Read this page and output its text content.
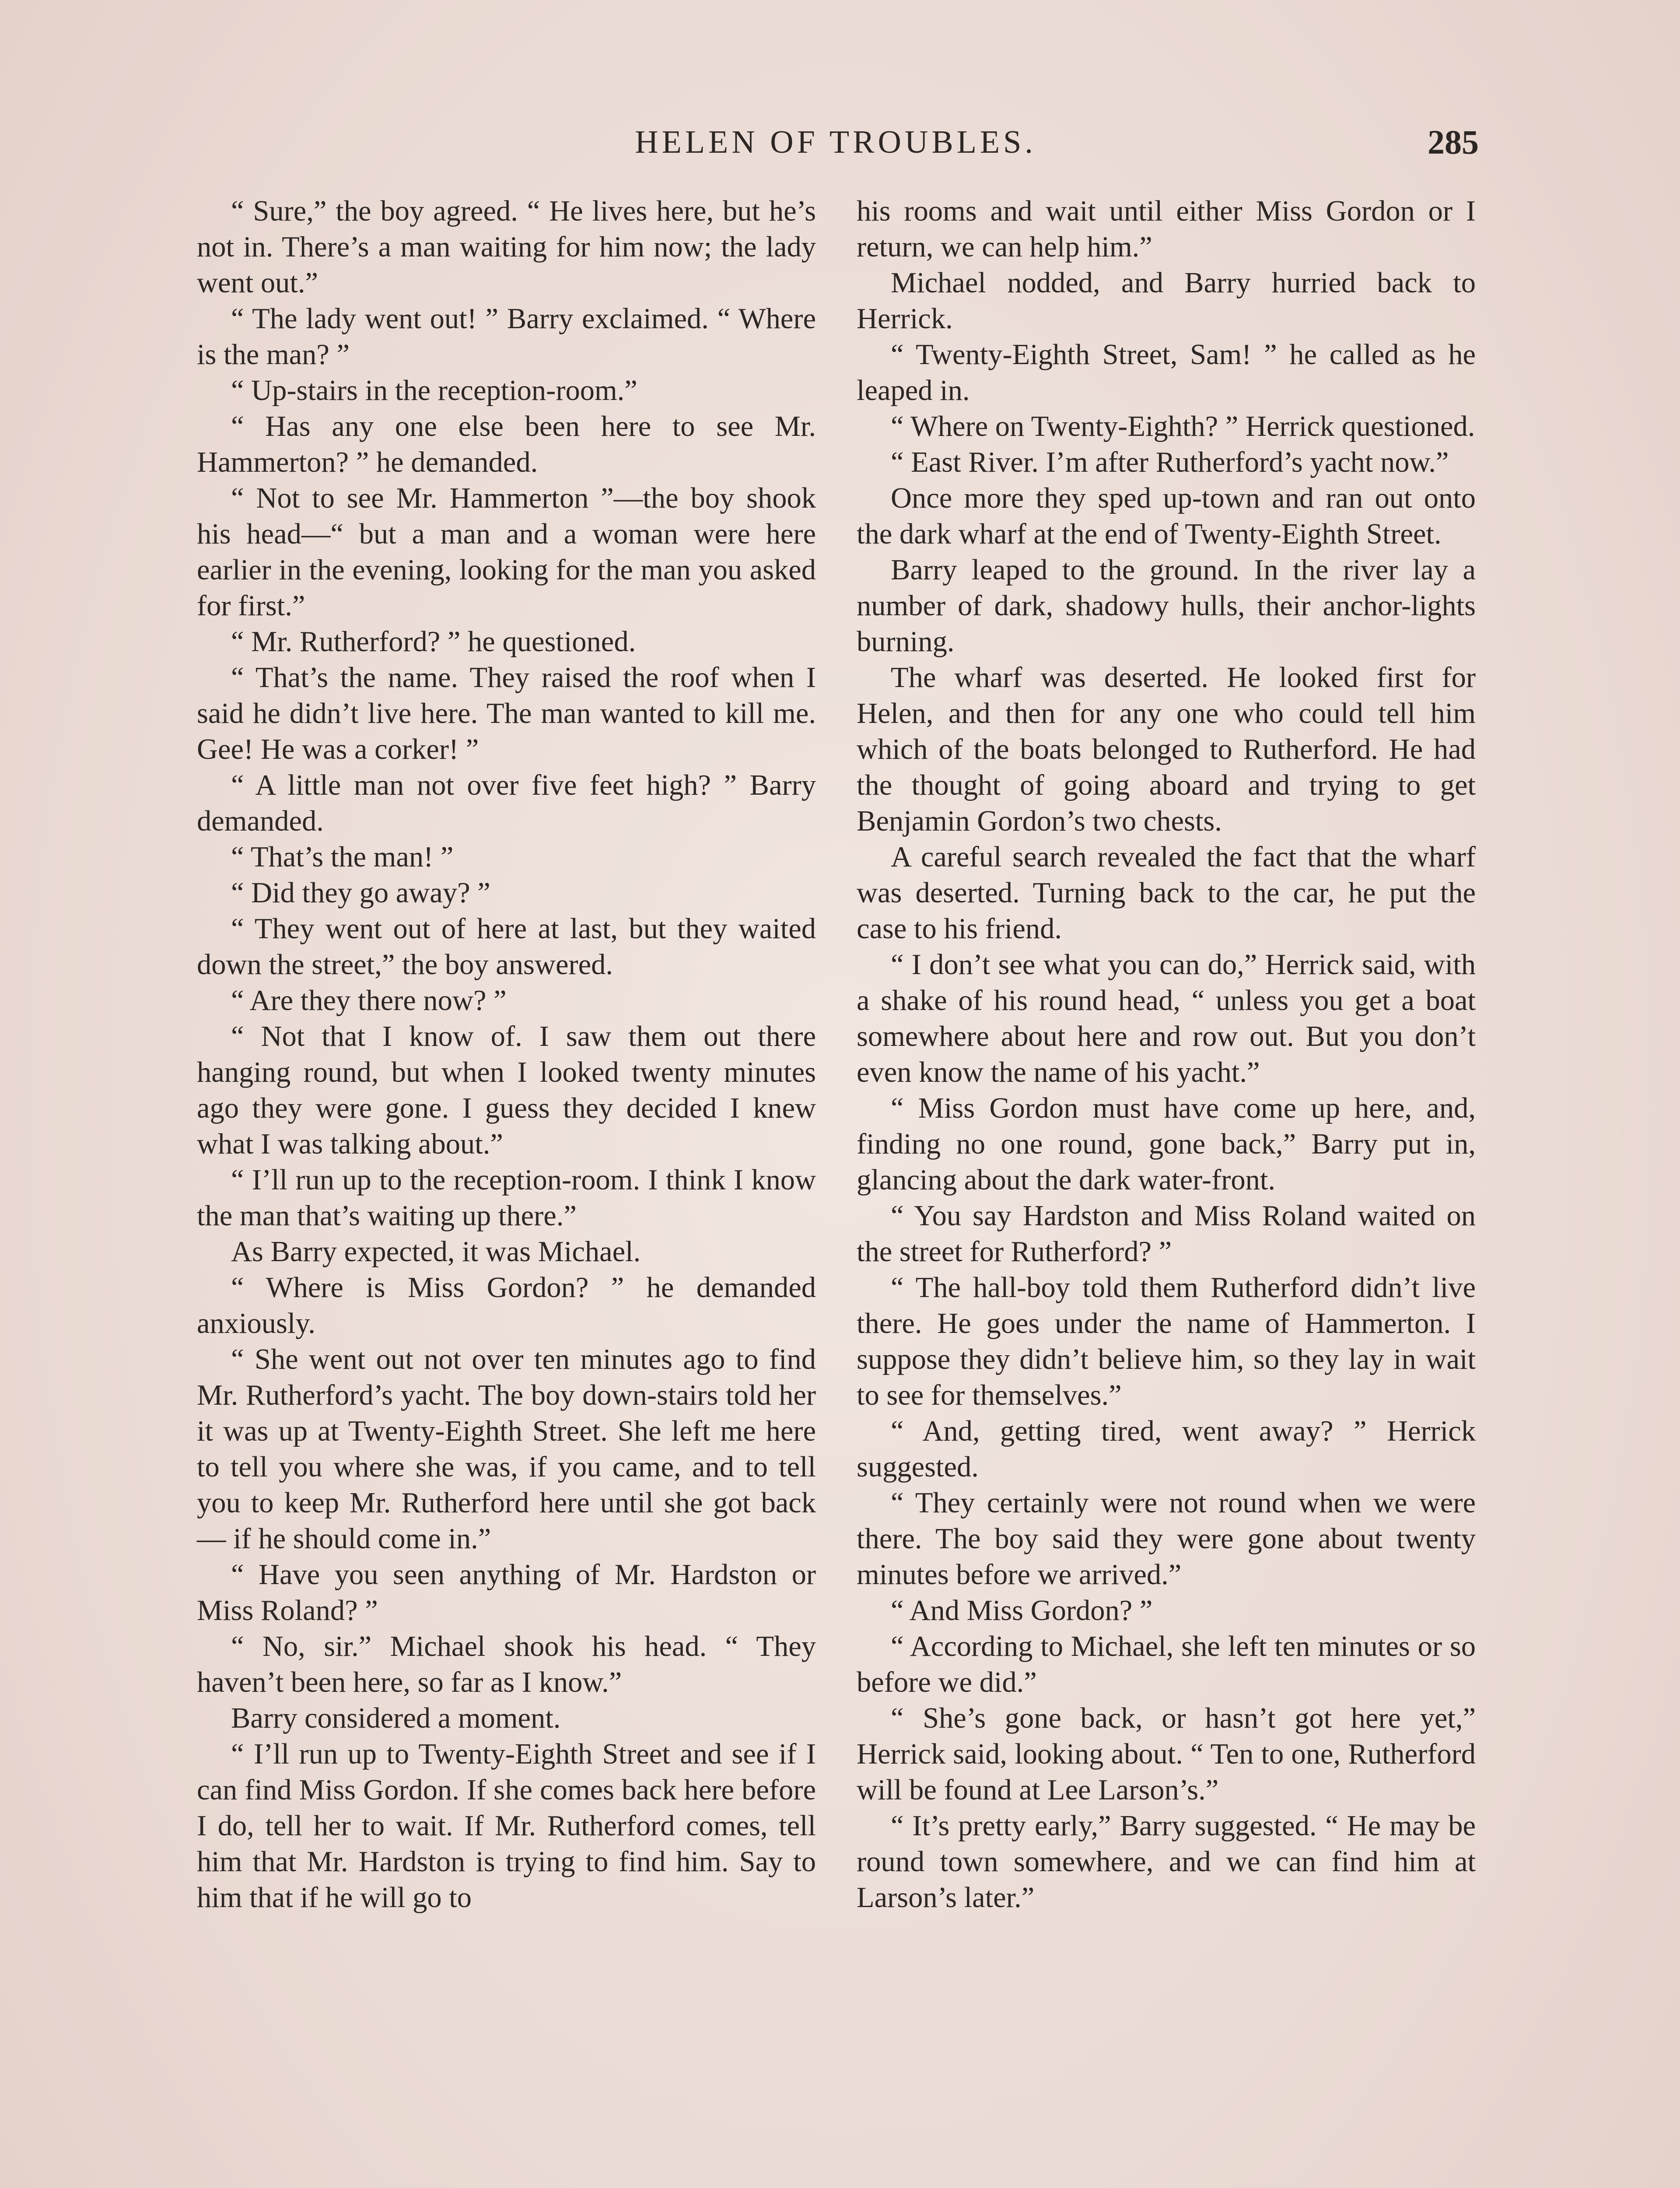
HELEN OF TROUBLES.	285

“ Sure,” the boy agreed. “ He lives here, but he’s not in. There’s a man waiting for him now; the lady went out.”

“ The lady went out! ” Barry exclaimed. “ Where is the man? ”

“ Up-stairs in the reception-room.”

“ Has any one else been here to see Mr. Hammerton? ” he demanded.

“ Not to see Mr. Hammerton ”—the boy shook his head—“ but a man and a woman were here earlier in the evening, looking for the man you asked for first.”

“ Mr. Rutherford? ” he questioned.

“ That’s the name. They raised the roof when I said he didn’t live here. The man wanted to kill me. Gee! He was a corker! ”

“ A little man not over five feet high? ” Barry demanded.

“ That’s the man! ”

“ Did they go away? ”

“ They went out of here at last, but they waited down the street,” the boy answered.

“ Are they there now? ”

“ Not that I know of. I saw them out there hanging round, but when I looked twenty minutes ago they were gone. I guess they decided I knew what I was talking about.”

“ I’ll run up to the reception-room. I think I know the man that’s waiting up there.”

As Barry expected, it was Michael.

“ Where is Miss Gordon? ” he demanded anxiously.

“ She went out not over ten minutes ago to find Mr. Rutherford’s yacht. The boy down-stairs told her it was up at Twenty-Eighth Street. She left me here to tell you where she was, if you came, and to tell you to keep Mr. Rutherford here until she got back — if he should come in.”

“ Have you seen anything of Mr. Hardston or Miss Roland? ”

“ No, sir.” Michael shook his head. “ They haven’t been here, so far as I know.”

Barry considered a moment.

“ I’ll run up to Twenty-Eighth Street and see if I can find Miss Gordon. If she comes back here before I do, tell her to wait. If Mr. Rutherford comes, tell him that Mr. Hardston is trying to find him. Say to him that if he will go to

his rooms and wait until either Miss Gordon or I return, we can help him.”

Michael nodded, and Barry hurried back to Herrick.

“ Twenty-Eighth Street, Sam! ” he called as he leaped in.

“ Where on Twenty-Eighth? ” Herrick questioned.

“ East River. I’m after Rutherford’s yacht now.”

Once more they sped up-town and ran out onto the dark wharf at the end of Twenty-Eighth Street.

Barry leaped to the ground. In the river lay a number of dark, shadowy hulls, their anchor-lights burning.

The wharf was deserted. He looked first for Helen, and then for any one who could tell him which of the boats belonged to Rutherford. He had the thought of going aboard and trying to get Benjamin Gordon’s two chests.

A careful search revealed the fact that the wharf was deserted. Turning back to the car, he put the case to his friend.

“ I don’t see what you can do,” Herrick said, with a shake of his round head, “ unless you get a boat somewhere about here and row out. But you don’t even know the name of his yacht.”

“ Miss Gordon must have come up here, and, finding no one round, gone back,” Barry put in, glancing about the dark water-front.

“ You say Hardston and Miss Roland waited on the street for Rutherford? ”

“ The hall-boy told them Rutherford didn’t live there. He goes under the name of Hammerton. I suppose they didn’t believe him, so they lay in wait to see for themselves.”

“ And, getting tired, went away? ” Herrick suggested.

“ They certainly were not round when we were there. The boy said they were gone about twenty minutes before we arrived.”

“ And Miss Gordon? ”

“ According to Michael, she left ten minutes or so before we did.”

“ She’s gone back, or hasn’t got here yet,” Herrick said, looking about. “ Ten to one, Rutherford will be found at Lee Larson’s.”

“ It’s pretty early,” Barry suggested. “ He may be round town somewhere, and we can find him at Larson’s later.”
